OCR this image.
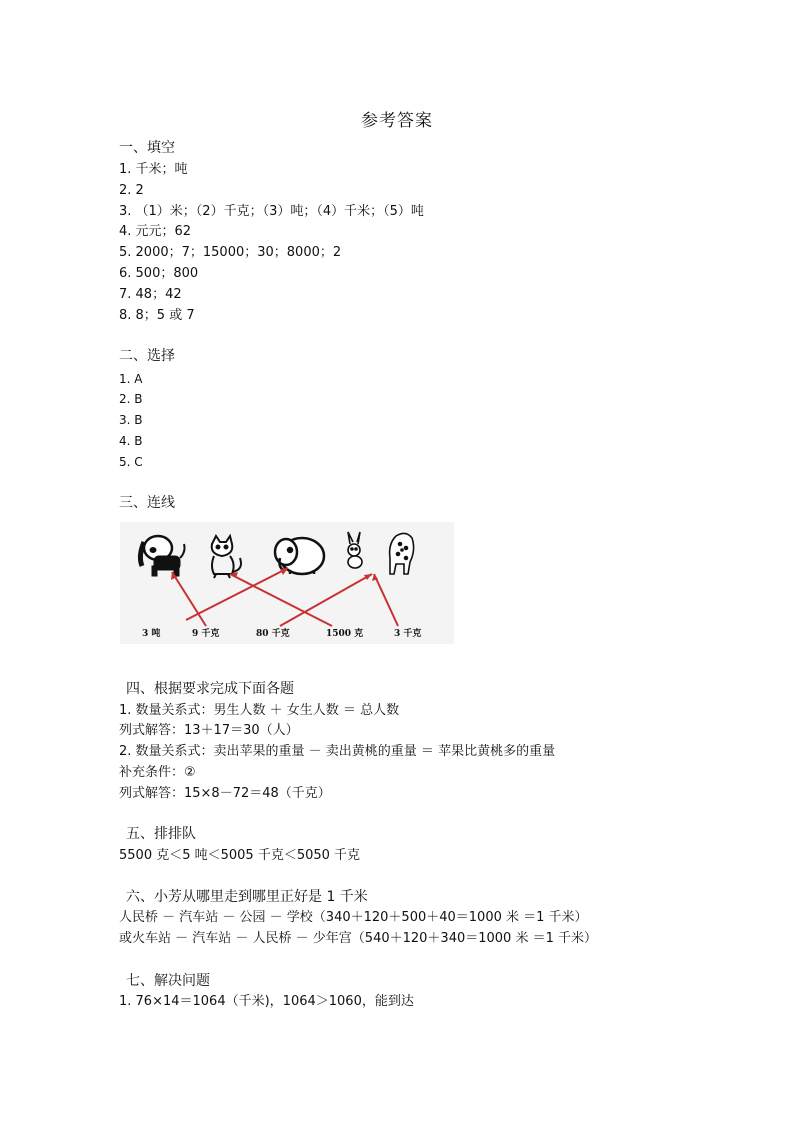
参考答案
一、填空
1. 千米；吨
2. 2
3. （1）米；（2）千克；（3）吨；（4）千米；（5）吨
4. 元元；62
5. 2000；7；15000；30；8000；2
6. 500；800
7. 48；42
8. 8；5 或 7
二、选择
1. A
2. B
3. B
4. B
5. C
三、连线
3 吨	9 千克	80 千克	1500 克	3 千克
四、根据要求完成下面各题
1. 数量关系式：男生人数 ＋ 女生人数 ＝ 总人数
列式解答：13＋17＝30（人）
2. 数量关系式：卖出苹果的重量 － 卖出黄桃的重量 ＝ 苹果比黄桃多的重量
补充条件：②
列式解答：15×8－72＝48（千克）
五、排排队
5500 克＜5 吨＜5005 千克＜5050 千克
六、小芳从哪里走到哪里正好是 1 千米
人民桥 － 汽车站 － 公园 － 学校（340＋120＋500＋40＝1000 米 ＝1 千米）
或火车站 － 汽车站 － 人民桥 － 少年宫（540＋120＋340＝1000 米 ＝1 千米）
七、解决问题
1. 76×14＝1064（千米)，1064＞1060，能到达
